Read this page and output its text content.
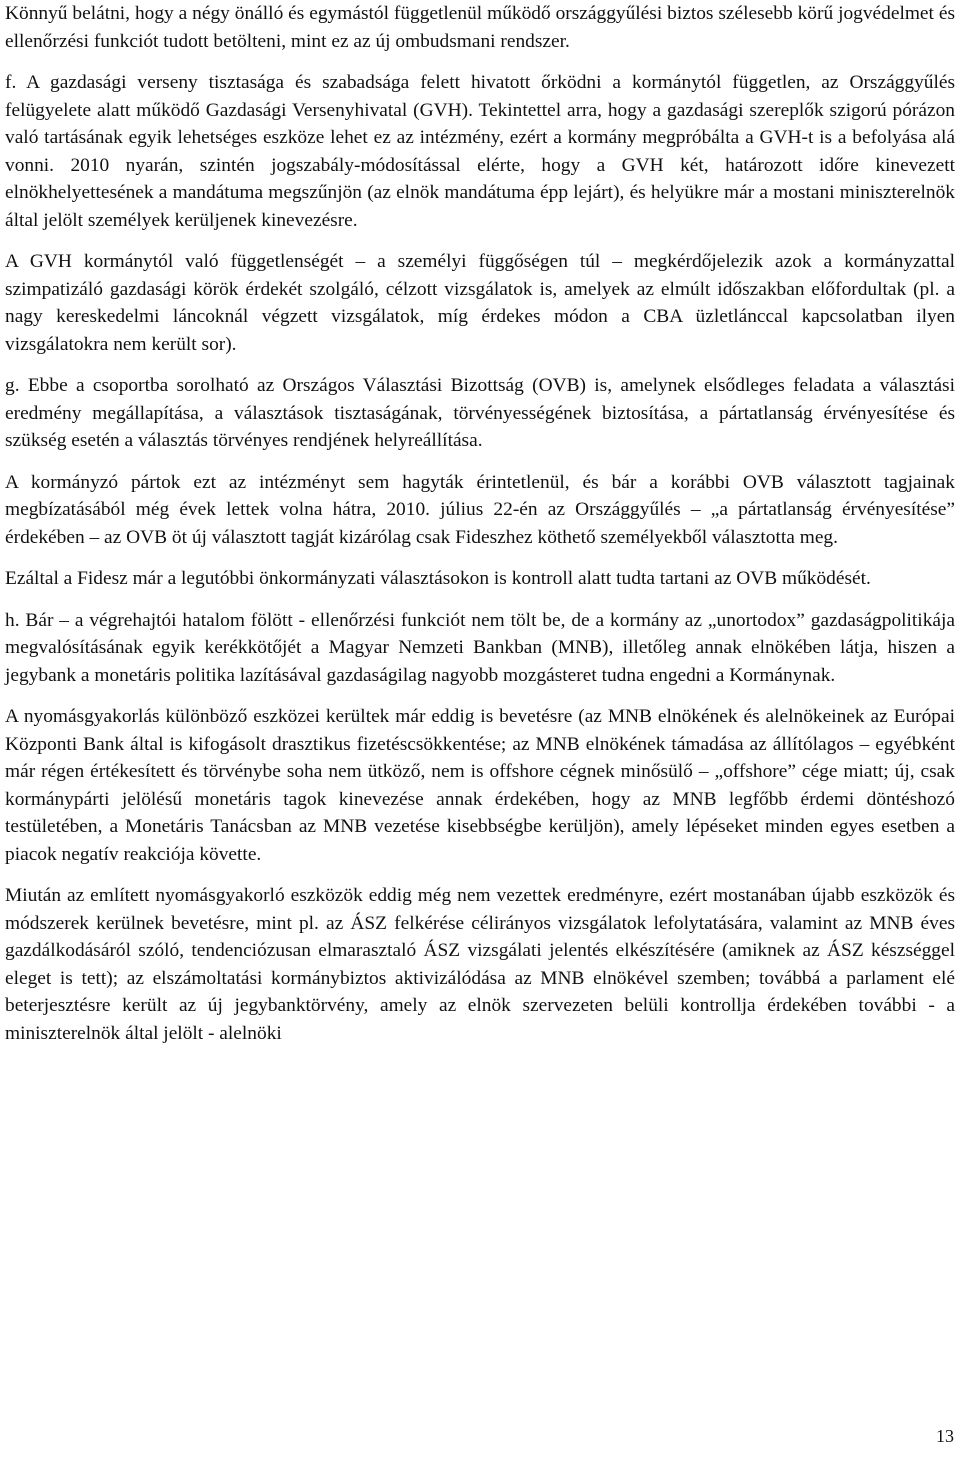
Könnyű belátni, hogy a négy önálló és egymástól függetlenül működő országgyűlési biztos szélesebb körű jogvédelmet és ellenőrzési funkciót tudott betölteni, mint ez az új ombudsmani rendszer.

f. A gazdasági verseny tisztasága és szabadsága felett hivatott őrködni a kormánytól független, az Országgyűlés felügyelete alatt működő Gazdasági Versenyhivatal (GVH). Tekintettel arra, hogy a gazdasági szereplők szigorú pórázon való tartásának egyik lehetséges eszköze lehet ez az intézmény, ezért a kormány megpróbálta a GVH-t is a befolyása alá vonni. 2010 nyarán, szintén jogszabály-módosítással elérte, hogy a GVH két, határozott időre kinevezett elnökhelyettesének a mandátuma megszűnjön (az elnök mandátuma épp lejárt), és helyükre már a mostani miniszterelnök által jelölt személyek kerüljenek kinevezésre.

A GVH kormánytól való függetlenségét – a személyi függőségen túl – megkérdőjelezik azok a kormányzattal szimpatizáló gazdasági körök érdekét szolgáló, célzott vizsgálatok is, amelyek az elmúlt időszakban előfordultak (pl. a nagy kereskedelmi láncoknál végzett vizsgálatok, míg érdekes módon a CBA üzletlánccal kapcsolatban ilyen vizsgálatokra nem került sor).

g. Ebbe a csoportba sorolható az Országos Választási Bizottság (OVB) is, amelynek elsődleges feladata a választási eredmény megállapítása, a választások tisztaságának, törvényességének biztosítása, a pártatlanság érvényesítése és szükség esetén a választás törvényes rendjének helyreállítása.

A kormányzó pártok ezt az intézményt sem hagyták érintetlenül, és bár a korábbi OVB választott tagjainak megbízatásából még évek lettek volna hátra, 2010. július 22-én az Országgyűlés – „a pártatlanság érvényesítése” érdekében – az OVB öt új választott tagját kizárólag csak Fideszhez köthető személyekből választotta meg.

Ezáltal a Fidesz már a legutóbbi önkormányzati választásokon is kontroll alatt tudta tartani az OVB működését.

h. Bár – a végrehajtói hatalom fölött - ellenőrzési funkciót nem tölt be, de a kormány az „unortodox” gazdaságpolitikája megvalósításának egyik kerékkötőjét a Magyar Nemzeti Bankban (MNB), illetőleg annak elnökében látja, hiszen a jegybank a monetáris politika lazításával gazdaságilag nagyobb mozgásteret tudna engedni a Kormánynak.

A nyomásgyakorlás különböző eszközei kerültek már eddig is bevetésre (az MNB elnökének és alelnökeinek az Európai Központi Bank által is kifogásolt drasztikus fizetéscsökkentése; az MNB elnökének támadása az állítólagos – egyébként már régen értékesített és törvénybe soha nem ütköző, nem is offshore cégnek minősülő – „offshore” cége miatt; új, csak kormánypárti jelölésű monetáris tagok kinevezése annak érdekében, hogy az MNB legfőbb érdemi döntéshozó testületében, a Monetáris Tanácsban az MNB vezetése kisebbségbe kerüljön), amely lépéseket minden egyes esetben a piacok negatív reakciója követte.

Miután az említett nyomásgyakorló eszközök eddig még nem vezettek eredményre, ezért mostanában újabb eszközök és módszerek kerülnek bevetésre, mint pl. az ÁSZ felkérése célirányos vizsgálatok lefolytatására, valamint az MNB éves gazdálkodásáról szóló, tendenciózusan elmarasztaló ÁSZ vizsgálati jelentés elkészítésére (amiknek az ÁSZ készséggel eleget is tett); az elszámoltatási kormánybiztos aktivizálódása az MNB elnökével szemben; továbbá a parlament elé beterjesztésre került az új jegybanktörvény, amely az elnök szervezeten belüli kontrollja érdekében további - a miniszterelnök által jelölt - alelnöki

13
